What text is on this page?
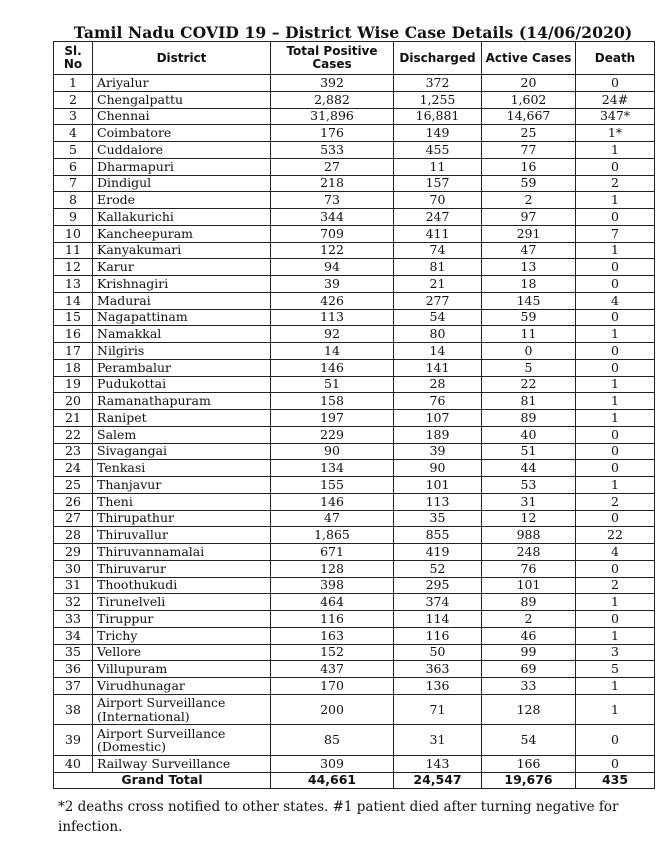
Tamil Nadu COVID 19 – District Wise Case Details (14/06/2020)
Sl. No	District	Total Positive Cases	Discharged	Active Cases	Death
1	Ariyalur	392	372	20	0
2	Chengalpattu	2,882	1,255	1,602	24#
3	Chennai	31,896	16,881	14,667	347*
4	Coimbatore	176	149	25	1*
5	Cuddalore	533	455	77	1
6	Dharmapuri	27	11	16	0
7	Dindigul	218	157	59	2
8	Erode	73	70	2	1
9	Kallakurichi	344	247	97	0
10	Kancheepuram	709	411	291	7
11	Kanyakumari	122	74	47	1
12	Karur	94	81	13	0
13	Krishnagiri	39	21	18	0
14	Madurai	426	277	145	4
15	Nagapattinam	113	54	59	0
16	Namakkal	92	80	11	1
17	Nilgiris	14	14	0	0
18	Perambalur	146	141	5	0
19	Pudukottai	51	28	22	1
20	Ramanathapuram	158	76	81	1
21	Ranipet	197	107	89	1
22	Salem	229	189	40	0
23	Sivagangai	90	39	51	0
24	Tenkasi	134	90	44	0
25	Thanjavur	155	101	53	1
26	Theni	146	113	31	2
27	Thirupathur	47	35	12	0
28	Thiruvallur	1,865	855	988	22
29	Thiruvannamalai	671	419	248	4
30	Thiruvarur	128	52	76	0
31	Thoothukudi	398	295	101	2
32	Tirunelveli	464	374	89	1
33	Tiruppur	116	114	2	0
34	Trichy	163	116	46	1
35	Vellore	152	50	99	3
36	Villupuram	437	363	69	5
37	Virudhunagar	170	136	33	1
38	Airport Surveillance (International)	200	71	128	1
39	Airport Surveillance (Domestic)	85	31	54	0
40	Railway Surveillance	309	143	166	0
Grand Total		44,661	24,547	19,676	435
*2 deaths cross notified to other states. #1 patient died after turning negative for infection.
